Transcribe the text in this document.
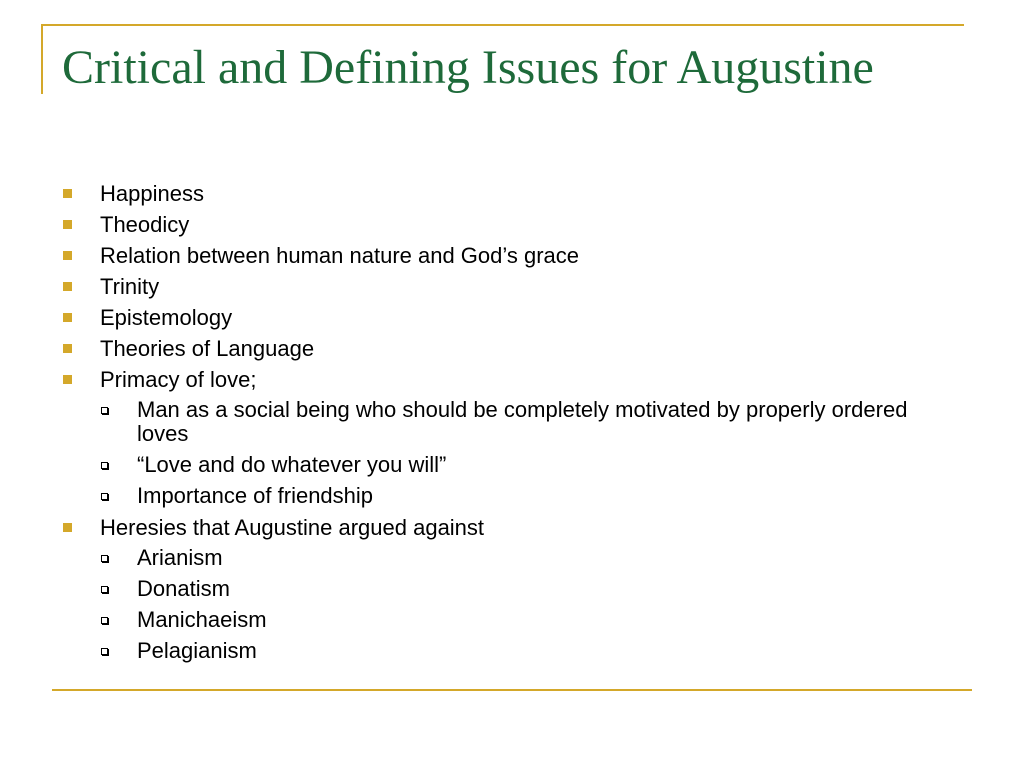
Critical and Defining Issues for Augustine
Happiness
Theodicy
Relation between human nature and God’s grace
Trinity
Epistemology
Theories of Language
Primacy of love;
Man as a social being who should be completely motivated by properly ordered loves
“Love and do whatever you will”
Importance of friendship
Heresies that Augustine argued against
Arianism
Donatism
Manichaeism
Pelagianism
